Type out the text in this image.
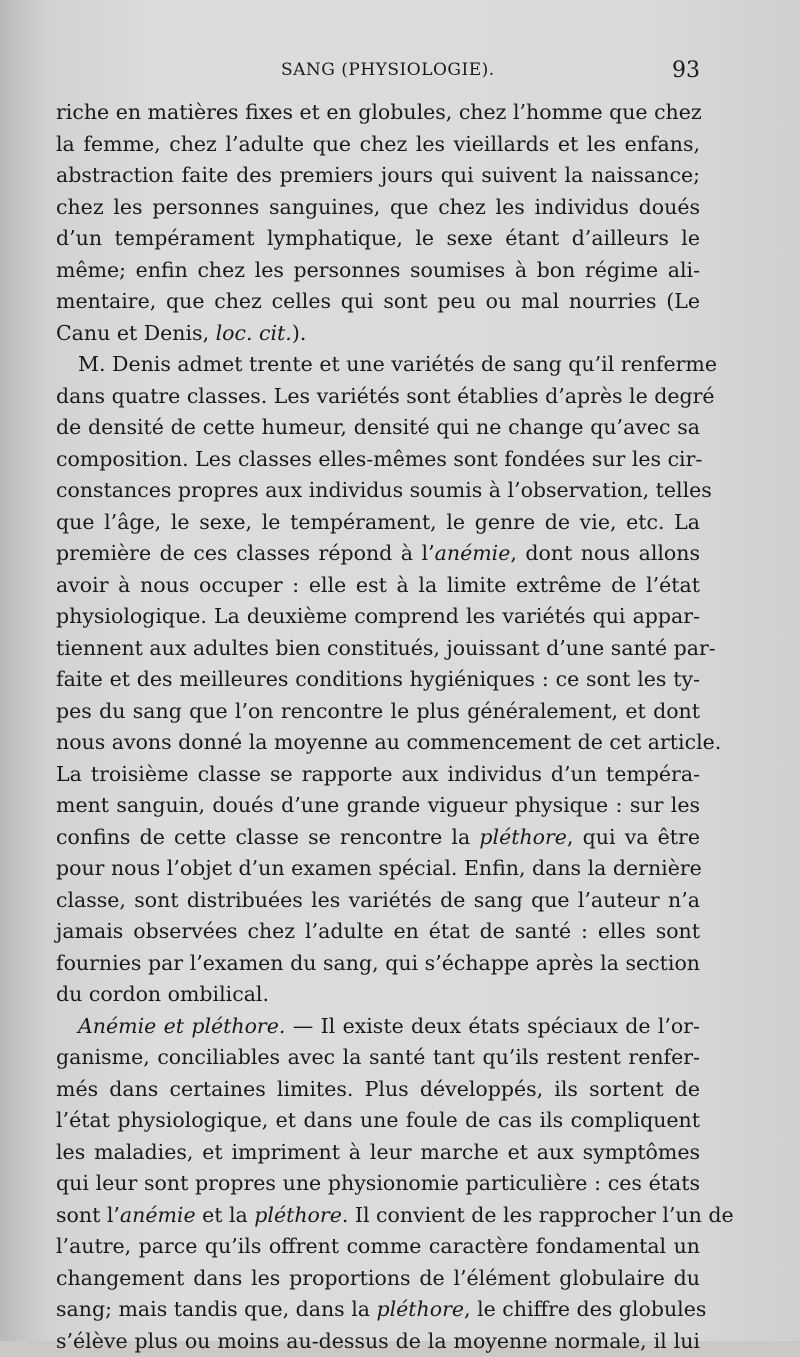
SANG (PHYSIOLOGIE).	93
riche en matières fixes et en globules, chez l’homme que chez
la femme, chez l’adulte que chez les vieillards et les enfans,
abstraction faite des premiers jours qui suivent la naissance;
chez les personnes sanguines, que chez les individus doués
d’un tempérament lymphatique, le sexe étant d’ailleurs le
même; enfin chez les personnes soumises à bon régime ali-
mentaire, que chez celles qui sont peu ou mal nourries (Le
Canu et Denis, loc. cit.).
M. Denis admet trente et une variétés de sang qu’il renferme
dans quatre classes. Les variétés sont établies d’après le degré
de densité de cette humeur, densité qui ne change qu’avec sa
composition. Les classes elles-mêmes sont fondées sur les cir-
constances propres aux individus soumis à l’observation, telles
que l’âge, le sexe, le tempérament, le genre de vie, etc. La
première de ces classes répond à l’anémie, dont nous allons
avoir à nous occuper : elle est à la limite extrême de l’état
physiologique. La deuxième comprend les variétés qui appar-
tiennent aux adultes bien constitués, jouissant d’une santé par-
faite et des meilleures conditions hygiéniques : ce sont les ty-
pes du sang que l’on rencontre le plus généralement, et dont
nous avons donné la moyenne au commencement de cet article.
La troisième classe se rapporte aux individus d’un tempéra-
ment sanguin, doués d’une grande vigueur physique : sur les
confins de cette classe se rencontre la pléthore, qui va être
pour nous l’objet d’un examen spécial. Enfin, dans la dernière
classe, sont distribuées les variétés de sang que l’auteur n’a
jamais observées chez l’adulte en état de santé : elles sont
fournies par l’examen du sang, qui s’échappe après la section
du cordon ombilical.
Anémie et pléthore. — Il existe deux états spéciaux de l’or-
ganisme, conciliables avec la santé tant qu’ils restent renfer-
més dans certaines limites. Plus développés, ils sortent de
l’état physiologique, et dans une foule de cas ils compliquent
les maladies, et impriment à leur marche et aux symptômes
qui leur sont propres une physionomie particulière : ces états
sont l’anémie et la pléthore. Il convient de les rapprocher l’un de
l’autre, parce qu’ils offrent comme caractère fondamental un
changement dans les proportions de l’élément globulaire du
sang; mais tandis que, dans la pléthore, le chiffre des globules
s’élève plus ou moins au-dessus de la moyenne normale, il lui
